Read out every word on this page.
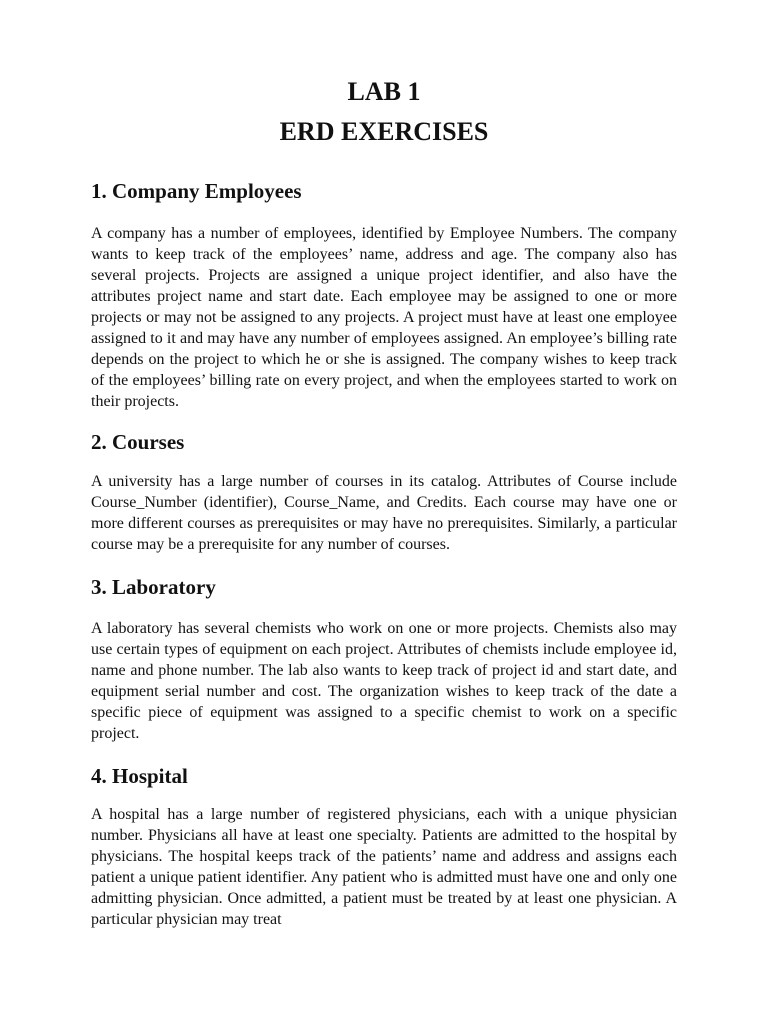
LAB 1
ERD EXERCISES
1. Company Employees

A company has a number of employees, identified by Employee Numbers. The company wants to keep track of the employees’ name, address and age. The company also has several projects. Projects are assigned a unique project identifier, and also have the attributes project name and start date. Each employee may be assigned to one or more projects or may not be assigned to any projects. A project must have at least one employee assigned to it and may have any number of employees assigned. An employee’s billing rate depends on the project to which he or she is assigned. The company wishes to keep track of the employees’ billing rate on every project, and when the employees started to work on their projects.

2. Courses

A university has a large number of courses in its catalog. Attributes of Course include Course_Number (identifier), Course_Name, and Credits. Each course may have one or more different courses as prerequisites or may have no prerequisites. Similarly, a particular course may be a prerequisite for any number of courses.

3. Laboratory

A laboratory has several chemists who work on one or more projects. Chemists also may use certain types of equipment on each project. Attributes of chemists include employee id, name and phone number. The lab also wants to keep track of project id and start date, and equipment serial number and cost. The organization wishes to keep track of the date a specific piece of equipment was assigned to a specific chemist to work on a specific project.

4. Hospital

A hospital has a large number of registered physicians, each with a unique physician number. Physicians all have at least one specialty. Patients are admitted to the hospital by physicians. The hospital keeps track of the patients’ name and address and assigns each patient a unique patient identifier. Any patient who is admitted must have one and only one admitting physician. Once admitted, a patient must be treated by at least one physician. A particular physician may treat
